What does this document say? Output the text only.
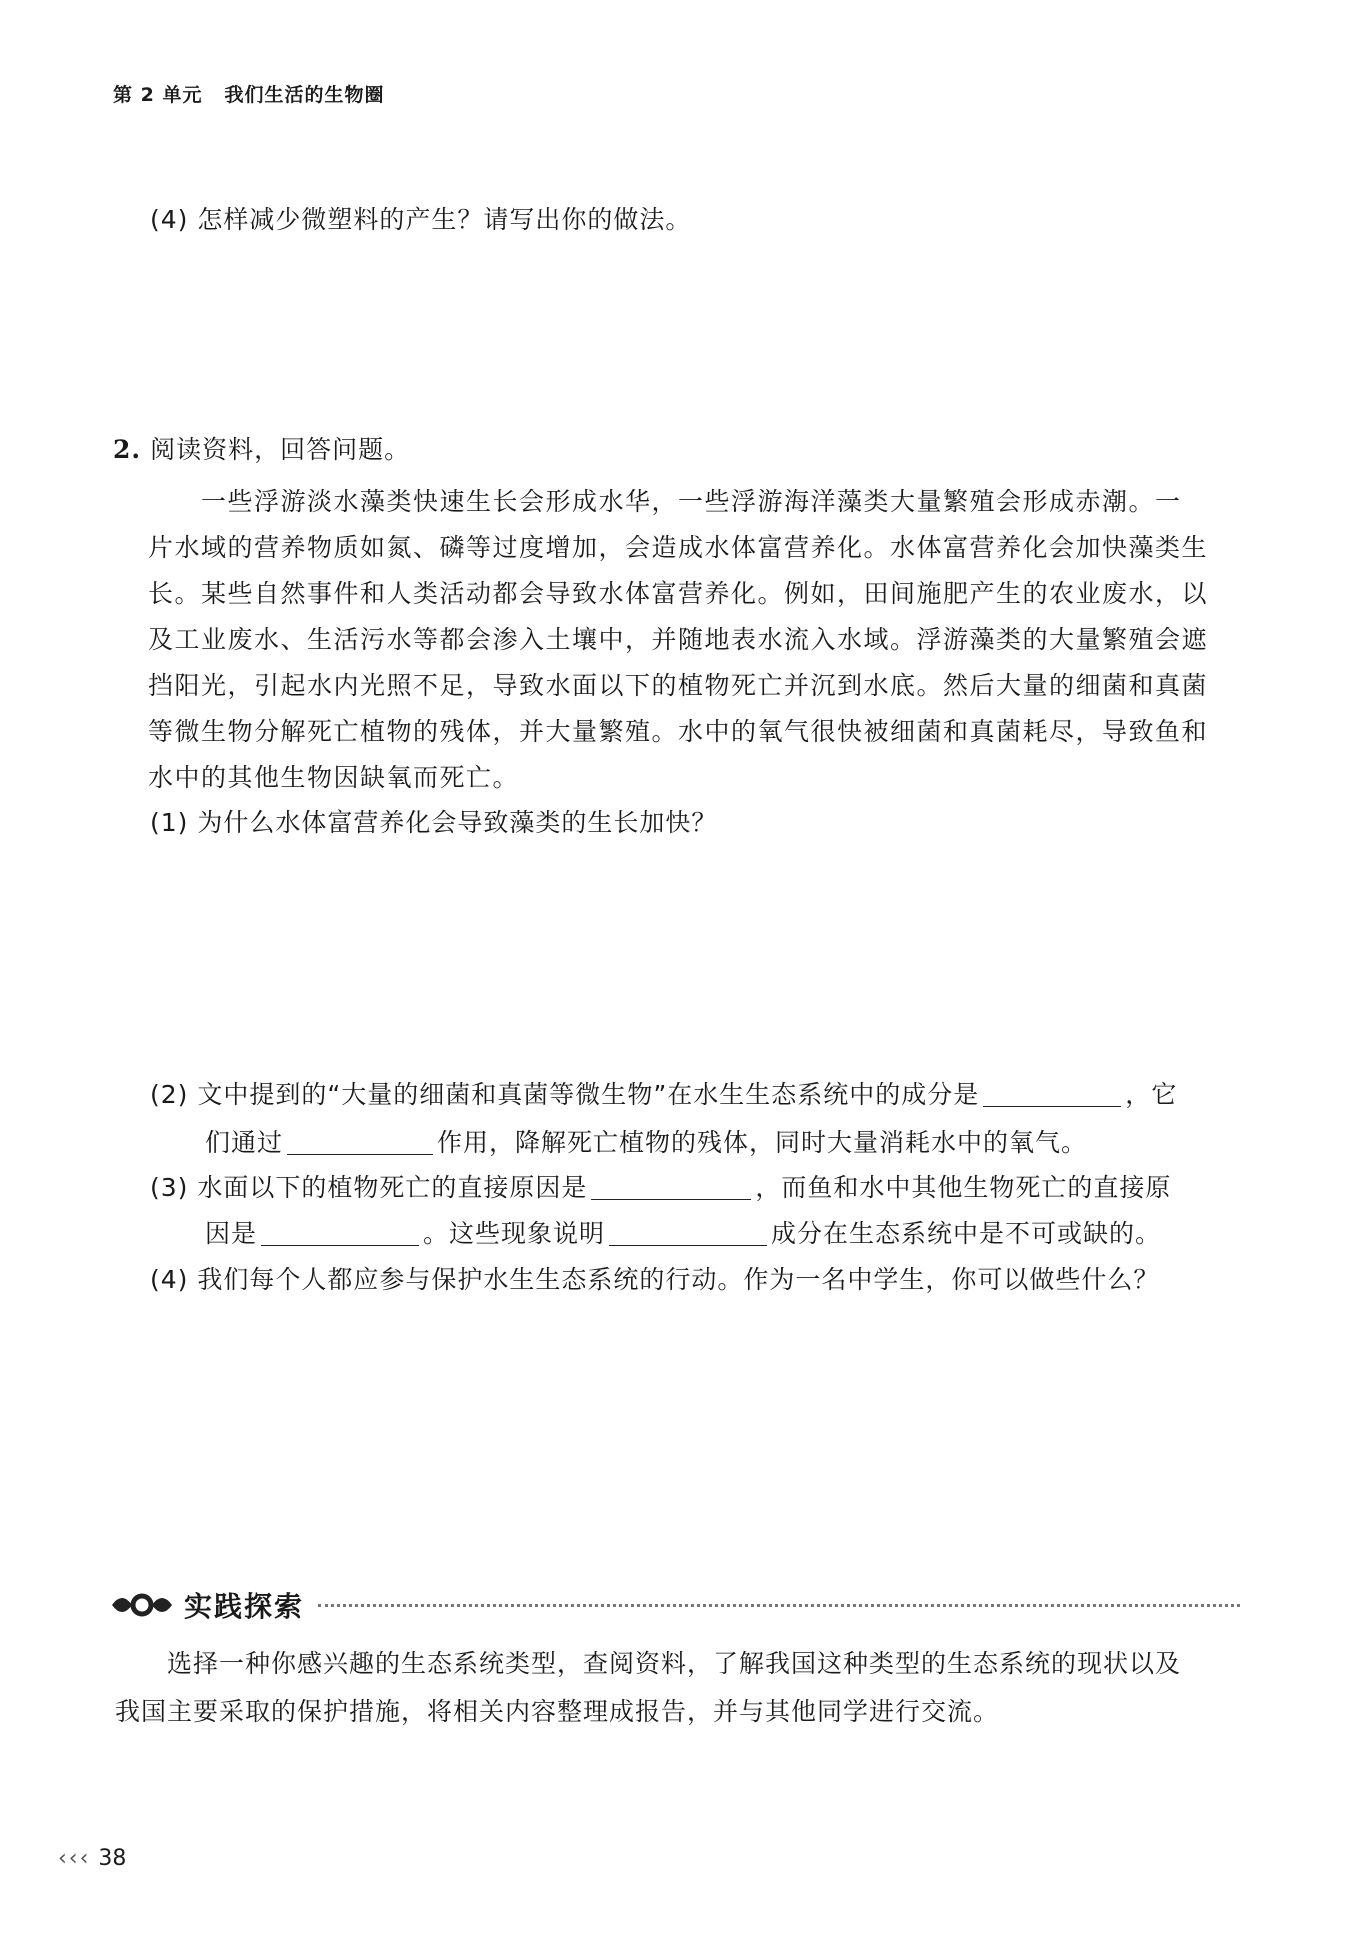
第 2 单元 我们生活的生物圈
(4) 怎样减少微塑料的产生？请写出你的做法。
2. 阅读资料，回答问题。
　　一些浮游淡水藻类快速生长会形成水华，一些浮游海洋藻类大量繁殖会形成赤潮。一
片水域的营养物质如氮、磷等过度增加，会造成水体富营养化。水体富营养化会加快藻类生
长。某些自然事件和人类活动都会导致水体富营养化。例如，田间施肥产生的农业废水，以
及工业废水、生活污水等都会渗入土壤中，并随地表水流入水域。浮游藻类的大量繁殖会遮
挡阳光，引起水内光照不足，导致水面以下的植物死亡并沉到水底。然后大量的细菌和真菌
等微生物分解死亡植物的残体，并大量繁殖。水中的氧气很快被细菌和真菌耗尽，导致鱼和
水中的其他生物因缺氧而死亡。
(1) 为什么水体富营养化会导致藻类的生长加快？
(2) 文中提到的“大量的细菌和真菌等微生物”在水生生态系统中的成分是	，它
们通过	作用，降解死亡植物的残体，同时大量消耗水中的氧气。
(3) 水面以下的植物死亡的直接原因是	，而鱼和水中其他生物死亡的直接原
因是	。这些现象说明	成分在生态系统中是不可或缺的。
(4) 我们每个人都应参与保护水生生态系统的行动。作为一名中学生，你可以做些什么？
实践探索
　　选择一种你感兴趣的生态系统类型，查阅资料，了解我国这种类型的生态系统的现状以及
我国主要采取的保护措施，将相关内容整理成报告，并与其他同学进行交流。
‹‹‹ 38
